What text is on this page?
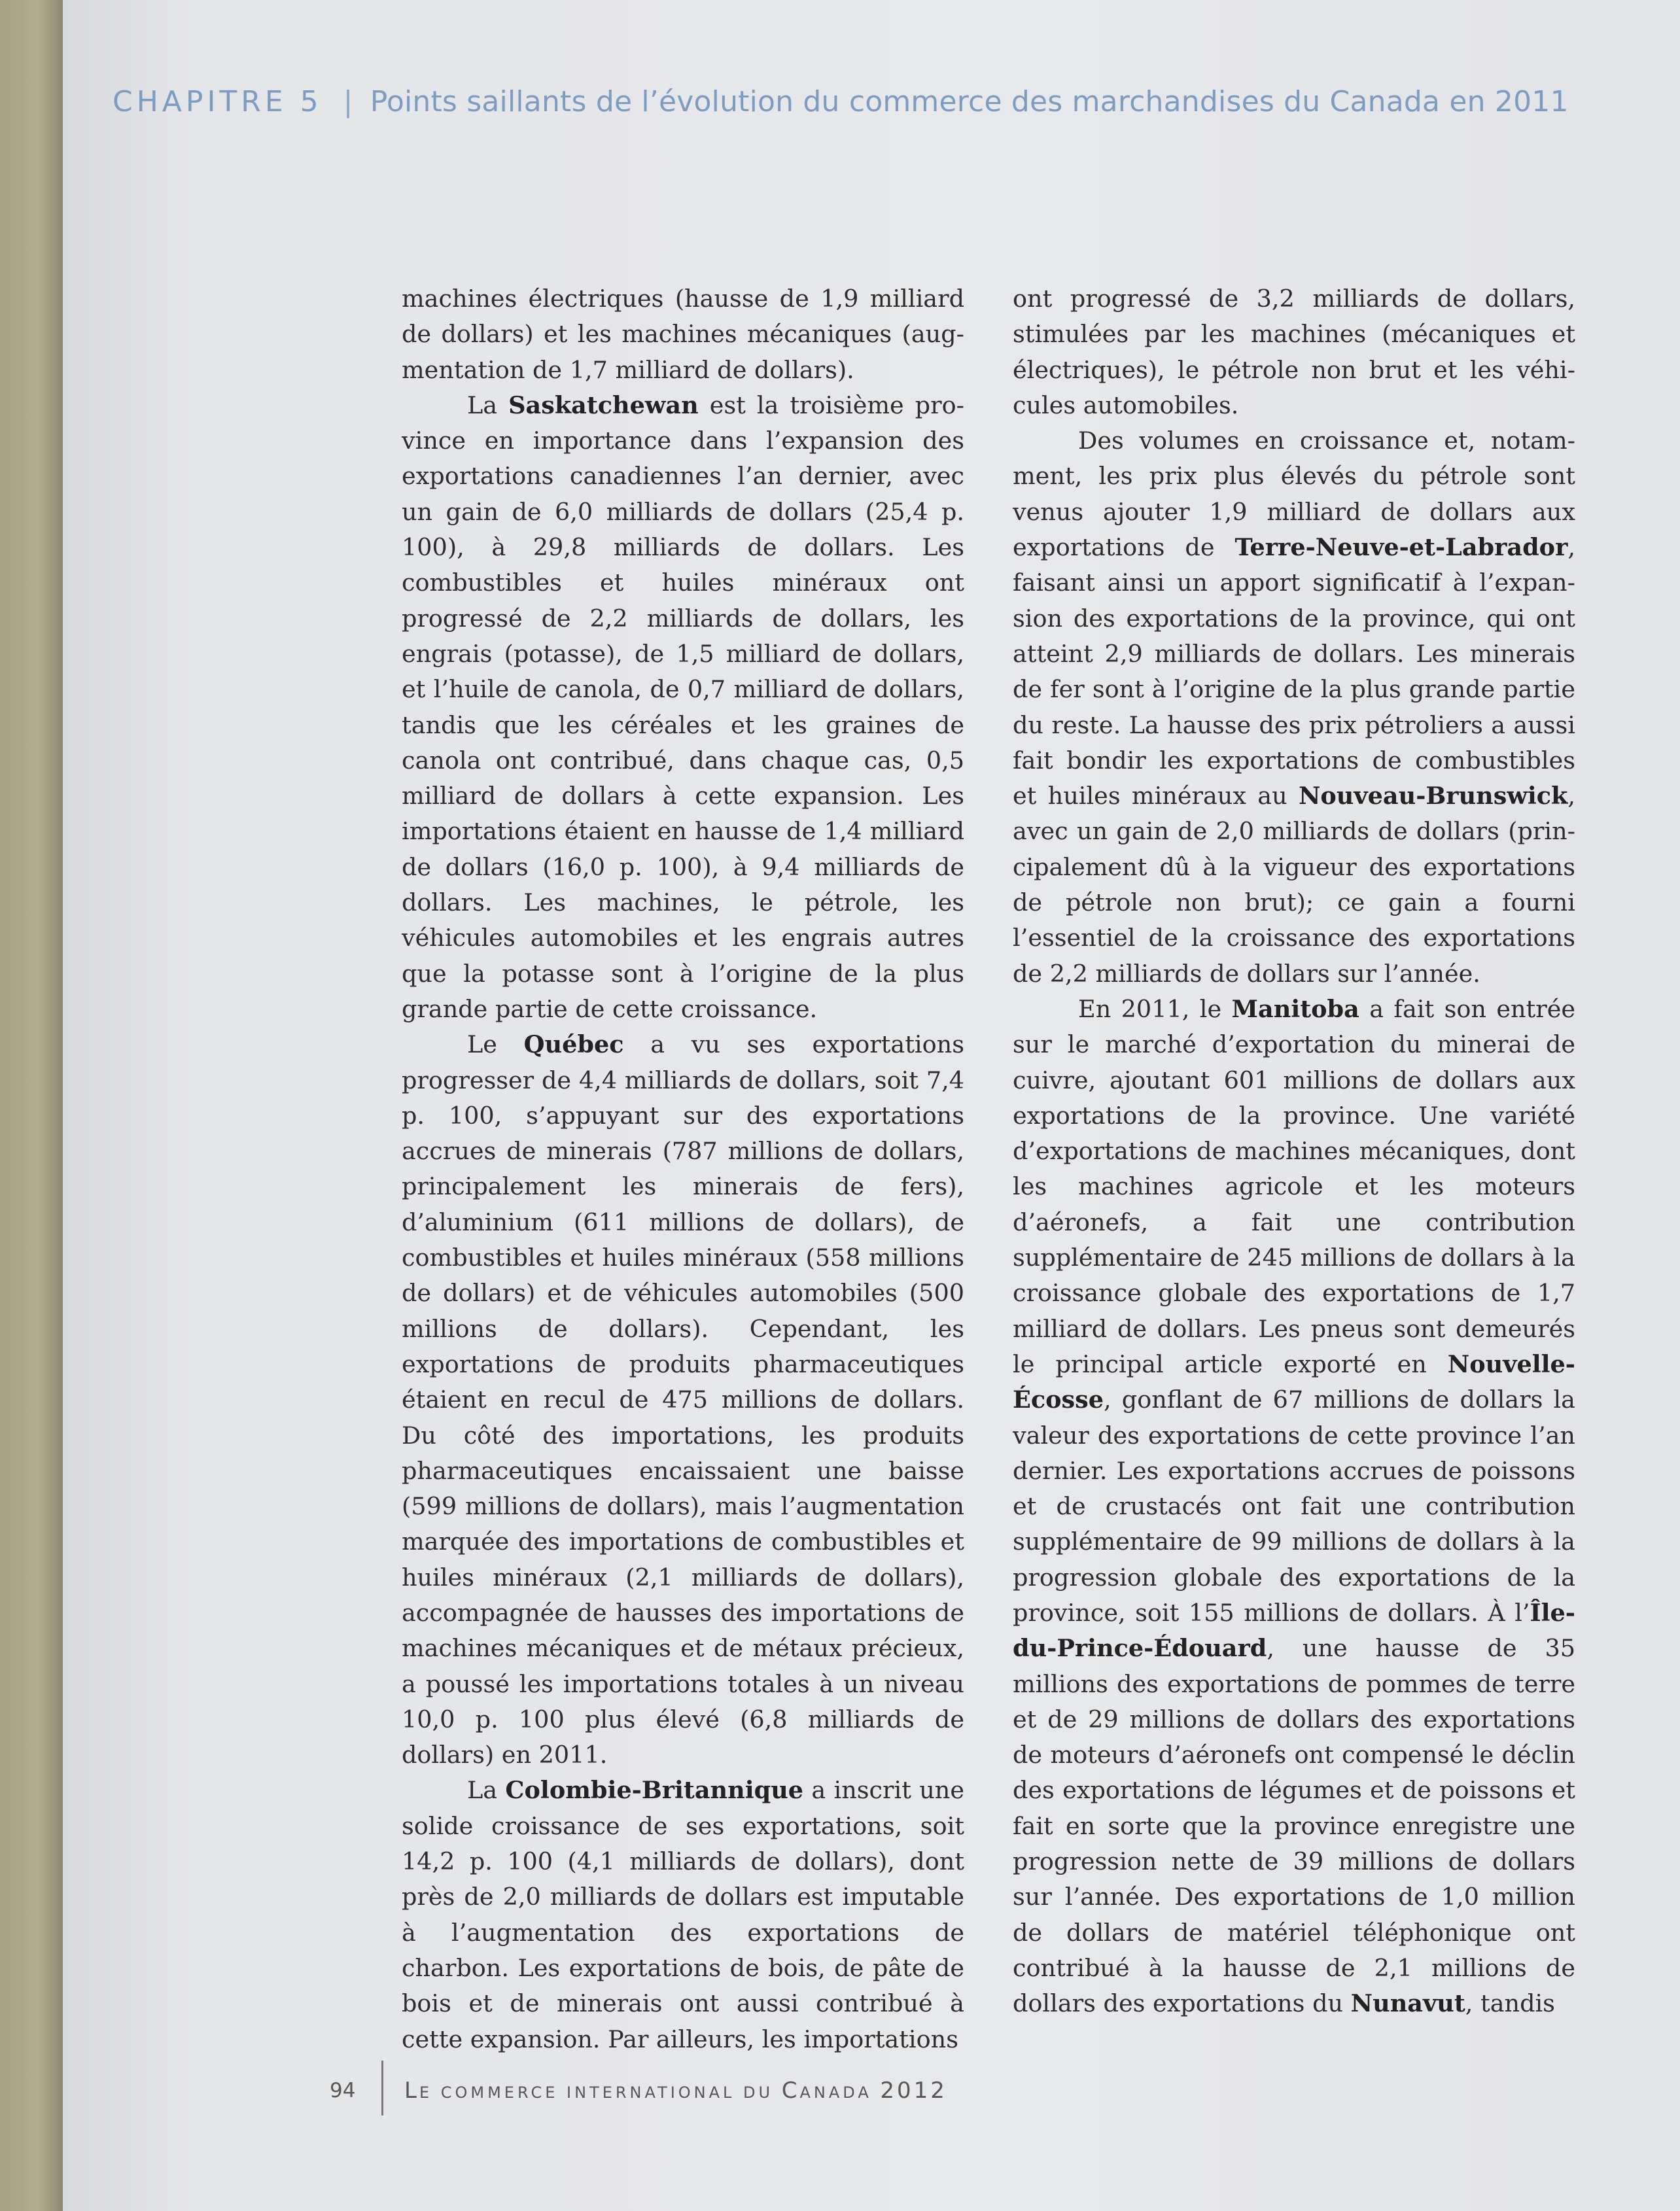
CHAPITRE 5 | Points saillants de l’évolution du commerce des marchandises du Canada en 2011

machines électriques (hausse de 1,9 milliard de dollars) et les machines mécaniques (augmentation de 1,7 milliard de dollars).

La Saskatchewan est la troisième province en importance dans l’expansion des exportations canadiennes l’an dernier, avec un gain de 6,0 milliards de dollars (25,4 p. 100), à 29,8 milliards de dollars. Les combustibles et huiles minéraux ont progressé de 2,2 milliards de dollars, les engrais (potasse), de 1,5 milliard de dollars, et l’huile de canola, de 0,7 milliard de dollars, tandis que les céréales et les graines de canola ont contribué, dans chaque cas, 0,5 milliard de dollars à cette expansion. Les importations étaient en hausse de 1,4 milliard de dollars (16,0 p. 100), à 9,4 milliards de dollars. Les machines, le pétrole, les véhicules automobiles et les engrais autres que la potasse sont à l’origine de la plus grande partie de cette croissance.

Le Québec a vu ses exportations progresser de 4,4 milliards de dollars, soit 7,4 p. 100, s’appuyant sur des exportations accrues de minerais (787 millions de dollars, principalement les minerais de fers), d’aluminium (611 millions de dollars), de combustibles et huiles minéraux (558 millions de dollars) et de véhicules automobiles (500 millions de dollars). Cependant, les exportations de produits pharmaceutiques étaient en recul de 475 millions de dollars. Du côté des importations, les produits pharmaceutiques encaissaient une baisse (599 millions de dollars), mais l’augmentation marquée des importations de combustibles et huiles minéraux (2,1 milliards de dollars), accompagnée de hausses des importations de machines mécaniques et de métaux précieux, a poussé les importations totales à un niveau 10,0 p. 100 plus élevé (6,8 milliards de dollars) en 2011.

La Colombie-Britannique a inscrit une solide croissance de ses exportations, soit 14,2 p. 100 (4,1 milliards de dollars), dont près de 2,0 milliards de dollars est imputable à l’augmentation des exportations de charbon. Les exportations de bois, de pâte de bois et de minerais ont aussi contribué à cette expansion. Par ailleurs, les importations

ont progressé de 3,2 milliards de dollars, stimulées par les machines (mécaniques et électriques), le pétrole non brut et les véhicules automobiles.

Des volumes en croissance et, notamment, les prix plus élevés du pétrole sont venus ajouter 1,9 milliard de dollars aux exportations de Terre-Neuve-et-Labrador, faisant ainsi un apport significatif à l’expansion des exportations de la province, qui ont atteint 2,9 milliards de dollars. Les minerais de fer sont à l’origine de la plus grande partie du reste. La hausse des prix pétroliers a aussi fait bondir les exportations de combustibles et huiles minéraux au Nouveau-Brunswick, avec un gain de 2,0 milliards de dollars (principalement dû à la vigueur des exportations de pétrole non brut); ce gain a fourni l’essentiel de la croissance des exportations de 2,2 milliards de dollars sur l’année.

En 2011, le Manitoba a fait son entrée sur le marché d’exportation du minerai de cuivre, ajoutant 601 millions de dollars aux exportations de la province. Une variété d’exportations de machines mécaniques, dont les machines agricole et les moteurs d’aéronefs, a fait une contribution supplémentaire de 245 millions de dollars à la croissance globale des exportations de 1,7 milliard de dollars. Les pneus sont demeurés le principal article exporté en Nouvelle-Écosse, gonflant de 67 millions de dollars la valeur des exportations de cette province l’an dernier. Les exportations accrues de poissons et de crustacés ont fait une contribution supplémentaire de 99 millions de dollars à la progression globale des exportations de la province, soit 155 millions de dollars. À l’Île-du-Prince-Édouard, une hausse de 35 millions des exportations de pommes de terre et de 29 millions de dollars des exportations de moteurs d’aéronefs ont compensé le déclin des exportations de légumes et de poissons et fait en sorte que la province enregistre une progression nette de 39 millions de dollars sur l’année. Des exportations de 1,0 million de dollars de matériel téléphonique ont contribué à la hausse de 2,1 millions de dollars des exportations du Nunavut, tandis

94 LE COMMERCE INTERNATIONAL DU CANADA 2012
